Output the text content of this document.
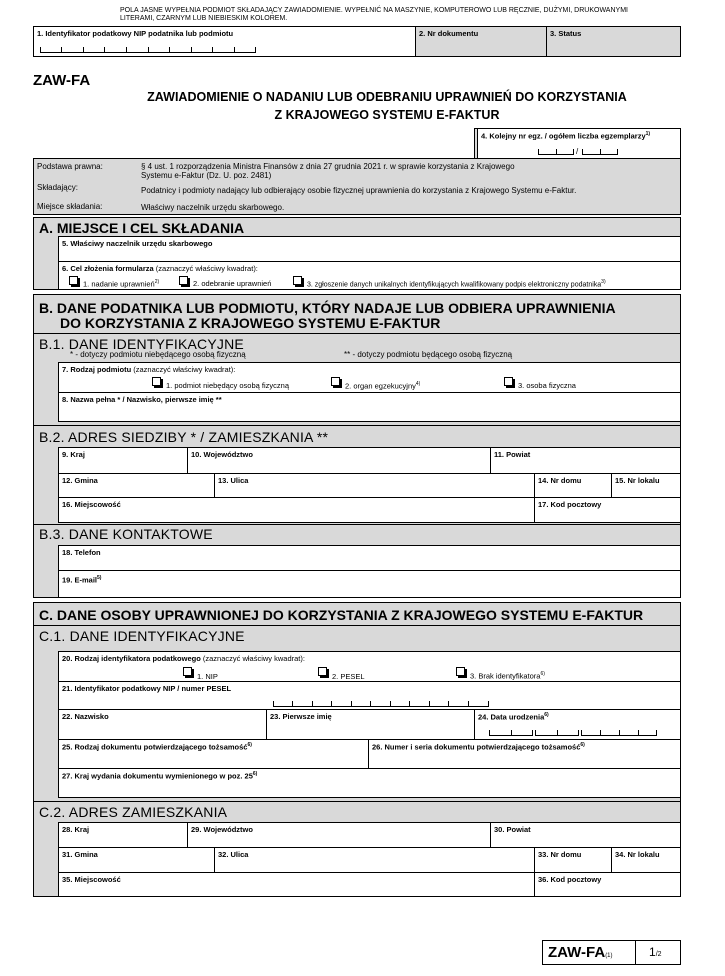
POLA JASNE WYPEŁNIA PODMIOT SKŁADAJĄCY ZAWIADOMIENIE. WYPEŁNIĆ NA MASZYNIE, KOMPUTEROWO LUB RĘCZNIE, DUŻYMI, DRUKOWANYMI LITERAMI, CZARNYM LUB NIEBIESKIM KOLOREM.
1. Identyfikator podatkowy NIP podatnika lub podmiotu	2. Nr dokumentu	3. Status
ZAW-FA
ZAWIADOMIENIE O NADANIU LUB ODEBRANIU UPRAWNIEŃ DO KORZYSTANIA
Z KRAJOWEGO SYSTEMU E-FAKTUR
4. Kolejny nr egz. / ogółem liczba egzemplarzy$^{1)}$
/
Podstawa prawna:	§ 4 ust. 1 rozporządzenia Ministra Finansów z dnia 27 grudnia 2021 r. w sprawie korzystania z Krajowego
Systemu e-Faktur (Dz. U. poz. 2481)
Składający:	Podatnicy i podmioty nadający lub odbierający osobie fizycznej uprawnienia do korzystania z Krajowego Systemu e-Faktur.
Miejsce składania:	Właściwy naczelnik urzędu skarbowego.
A. MIEJSCE I CEL SKŁADANIA
5. Właściwy naczelnik urzędu skarbowego
6. Cel złożenia formularza (zaznaczyć właściwy kwadrat):
1. nadanie uprawnień$^{2)}$	2. odebranie uprawnień	3. zgłoszenie danych unikalnych identyfikujących kwalifikowany podpis elektroniczny podatnika$^{3)}$
B. DANE PODATNIKA LUB PODMIOTU, KTÓRY NADAJE LUB ODBIERA UPRAWNIENIA
DO KORZYSTANIA Z KRAJOWEGO SYSTEMU E-FAKTUR
B.1. DANE IDENTYFIKACYJNE
* - dotyczy podmiotu niebędącego osobą fizyczną	** - dotyczy podmiotu będącego osobą fizyczną
7. Rodzaj podmiotu (zaznaczyć właściwy kwadrat):
1. podmiot niebędący osobą fizyczną	2. organ egzekucyjny$^{4)}$	3. osoba fizyczna
8. Nazwa pełna * / Nazwisko, pierwsze imię **
B.2. ADRES SIEDZIBY * / ZAMIESZKANIA **
9. Kraj	10. Województwo	11. Powiat
12. Gmina	13. Ulica	14. Nr domu	15. Nr lokalu
16. Miejscowość	17. Kod pocztowy
B.3. DANE KONTAKTOWE
18. Telefon
19. E-mail$^{5)}$
C. DANE OSOBY UPRAWNIONEJ DO KORZYSTANIA Z KRAJOWEGO SYSTEMU E-FAKTUR
C.1. DANE IDENTYFIKACYJNE
20. Rodzaj identyfikatora podatkowego (zaznaczyć właściwy kwadrat):
1. NIP	2. PESEL	3. Brak identyfikatora$^{6)}$
21. Identyfikator podatkowy NIP / numer PESEL
22. Nazwisko	23. Pierwsze imię	24. Data urodzenia$^{6)}$
25. Rodzaj dokumentu potwierdzającego tożsamość$^{6)}$	26. Numer i seria dokumentu potwierdzającego tożsamość$^{6)}$
27. Kraj wydania dokumentu wymienionego w poz. 25$^{6)}$
C.2. ADRES ZAMIESZKANIA
28. Kraj	29. Województwo	30. Powiat
31. Gmina	32. Ulica	33. Nr domu	34. Nr lokalu
35. Miejscowość	36. Kod pocztowy
ZAW-FA(1)	1/2
